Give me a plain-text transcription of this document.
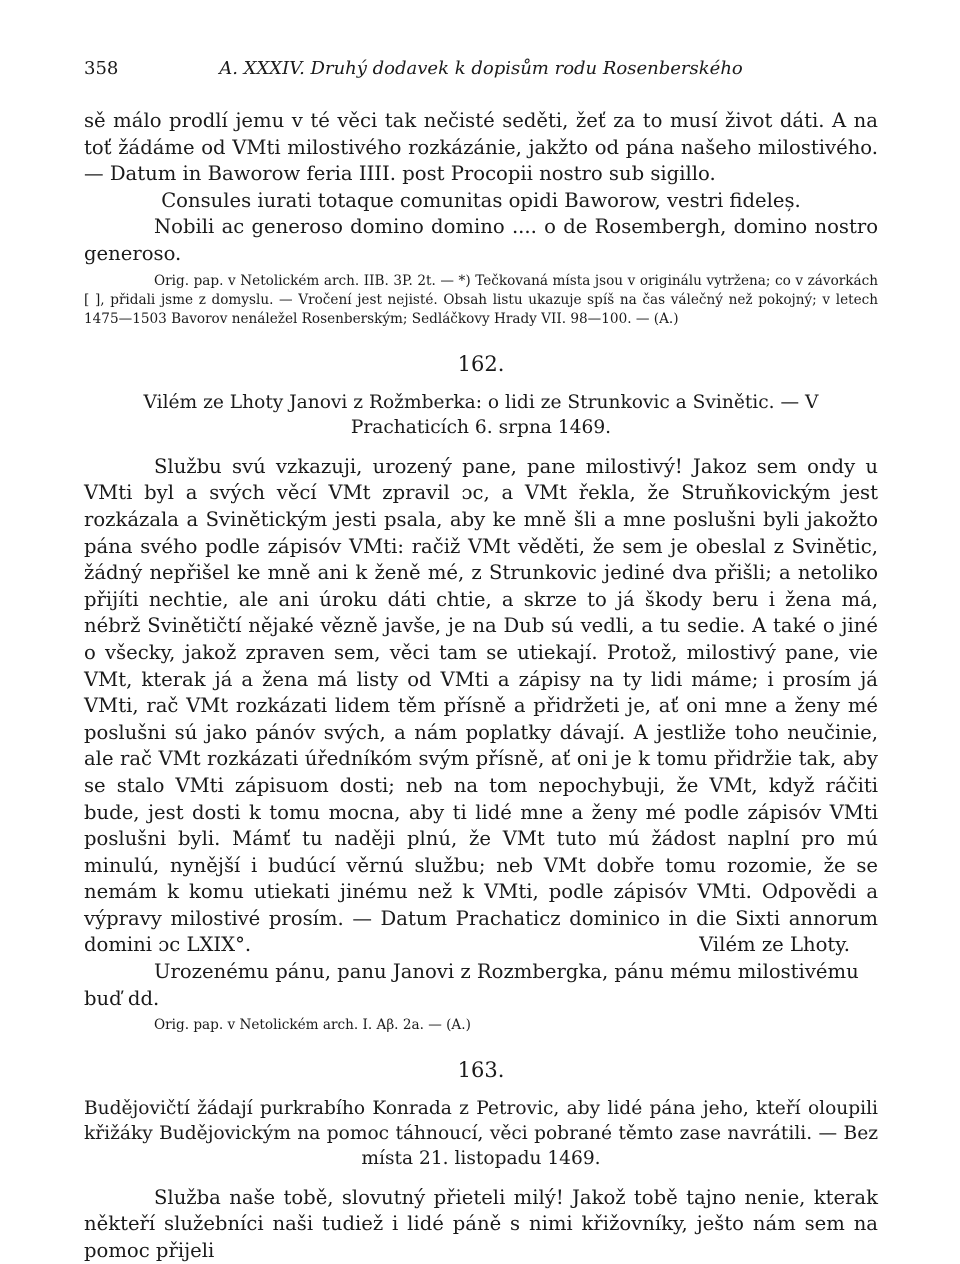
358	A. XXXIV. Druhý dodavek k dopisům rodu Rosenberského

sě málo prodlí jemu v té věci tak nečisté seděti, žeť za to musí život dáti. A na toť žádáme od VMti milostivého rozkázánie, jakžto od pána našeho milostivého. — Datum in Baworow feria IIII. post Procopii nostro sub sigillo.

Consules iurati totaque comunitas opidi Baworow, vestri fideleș.

Nobili ac generoso domino domino .... o de Rosembergh, domino nostro generoso.

Orig. pap. v Netolickém arch. IIB. 3P. 2t. — *) Tečkovaná místa jsou v originálu vytržena; co v závorkách [ ], přidali jsme z domyslu. — Vročení jest nejisté. Obsah listu ukazuje spíš na čas válečný než pokojný; v letech 1475—1503 Bavorov nenáležel Rosenberským; Sedláčkovy Hrady VII. 98—100. — (A.)

162.

Vilém ze Lhoty Janovi z Rožmberka: o lidi ze Strunkovic a Svinětic. — V Prachaticích 6. srpna 1469.

Službu svú vzkazuji, urozený pane, pane milostivý! Jakoz sem ondy u VMti byl a svých věcí VMt zpravil ɔc, a VMt řekla, že Struňkovickým jest rozkázala a Svinětickým jesti psala, aby ke mně šli a mne poslušni byli jakožto pána svého podle zápisóv VMti: račiž VMt věděti, že sem je obeslal z Svinětic, žádný nepřišel ke mně ani k ženě mé, z Strunkovic jediné dva přišli; a netoliko přijíti nechtie, ale ani úroku dáti chtie, a skrze to já škody beru i žena má, nébrž Svinětičtí nějaké vězně javše, je na Dub sú vedli, a tu sedie. A také o jiné o všecky, jakož zpraven sem, věci tam se utiekají. Protož, milostivý pane, vie VMt, kterak já a žena má listy od VMti a zápisy na ty lidi máme; i prosím já VMti, rač VMt rozkázati lidem těm přísně a přidržeti je, ať oni mne a ženy mé poslušni sú jako pánóv svých, a nám poplatky dávají. A jestliže toho neučinie, ale rač VMt rozkázati úředníkóm svým přísně, ať oni je k tomu přidržie tak, aby se stalo VMti zápisuom dosti; neb na tom nepochybuji, že VMt, když ráčiti bude, jest dosti k tomu mocna, aby ti lidé mne a ženy mé podle zápisóv VMti poslušni byli. Mámť tu naději plnú, že VMt tuto mú žádost naplní pro mú minulú, nynější i budúcí věrnú službu; neb VMt dobře tomu rozomie, že se nemám k komu utiekati jinému než k VMti, podle zápisóv VMti. Odpovědi a výpravy milostivé prosím. — Datum Prachaticz dominico in die Sixti annorum domini ɔc LXIX°.	Vilém ze Lhoty.

Urozenému pánu, panu Janovi z Rozmbergka, pánu mému milostivému buď dd.

Orig. pap. v Netolickém arch. I. Aβ. 2a. — (A.)

163.

Budějovičtí žádají purkrabího Konrada z Petrovic, aby lidé pána jeho, kteří oloupili křižáky Budějovickým na pomoc táhnoucí, věci pobrané těmto zase navrátili. — Bez místa 21. listopadu 1469.

Služba naše tobě, slovutný přieteli milý! Jakož tobě tajno nenie, kterak někteří služebníci naši tudiež i lidé páně s nimi křižovníky, ješto nám sem na pomoc přijeli
